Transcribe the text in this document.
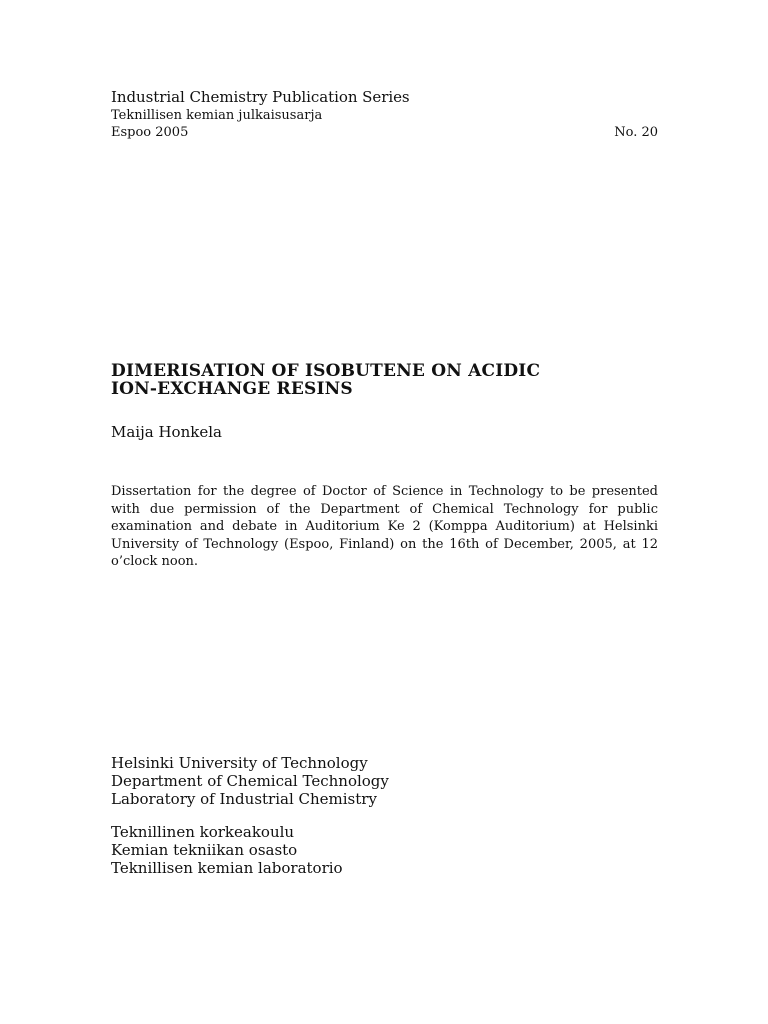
Industrial Chemistry Publication Series
Teknillisen kemian julkaisusarja
Espoo 2005	No. 20
DIMERISATION OF ISOBUTENE ON ACIDIC
ION-EXCHANGE RESINS
Maija Honkela
Dissertation for the degree of Doctor of Science in Technology to be presented with due permission of the Department of Chemical Technology for public examination and debate in Auditorium Ke 2 (Komppa Auditorium) at Helsinki University of Technology (Espoo, Finland) on the 16th of December, 2005, at 12 o’clock noon.
Helsinki University of Technology
Department of Chemical Technology
Laboratory of Industrial Chemistry
Teknillinen korkeakoulu
Kemian tekniikan osasto
Teknillisen kemian laboratorio
